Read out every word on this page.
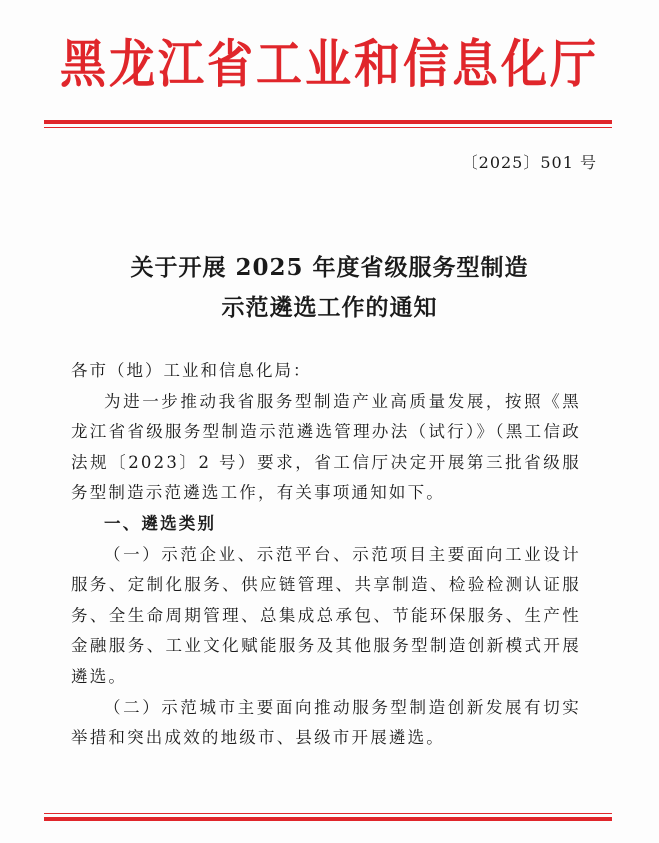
黑龙江省工业和信息化厅
〔2025〕501 号
关于开展 2025 年度省级服务型制造
示范遴选工作的通知

各市（地）工业和信息化局：

为进一步推动我省服务型制造产业高质量发展，按照《黑龙江省省级服务型制造示范遴选管理办法（试行）》（黑工信政法规〔2023〕2 号）要求，省工信厅决定开展第三批省级服务型制造示范遴选工作，有关事项通知如下。

一、遴选类别

（一）示范企业、示范平台、示范项目主要面向工业设计服务、定制化服务、供应链管理、共享制造、检验检测认证服务、全生命周期管理、总集成总承包、节能环保服务、生产性金融服务、工业文化赋能服务及其他服务型制造创新模式开展遴选。

（二）示范城市主要面向推动服务型制造创新发展有切实举措和突出成效的地级市、县级市开展遴选。
